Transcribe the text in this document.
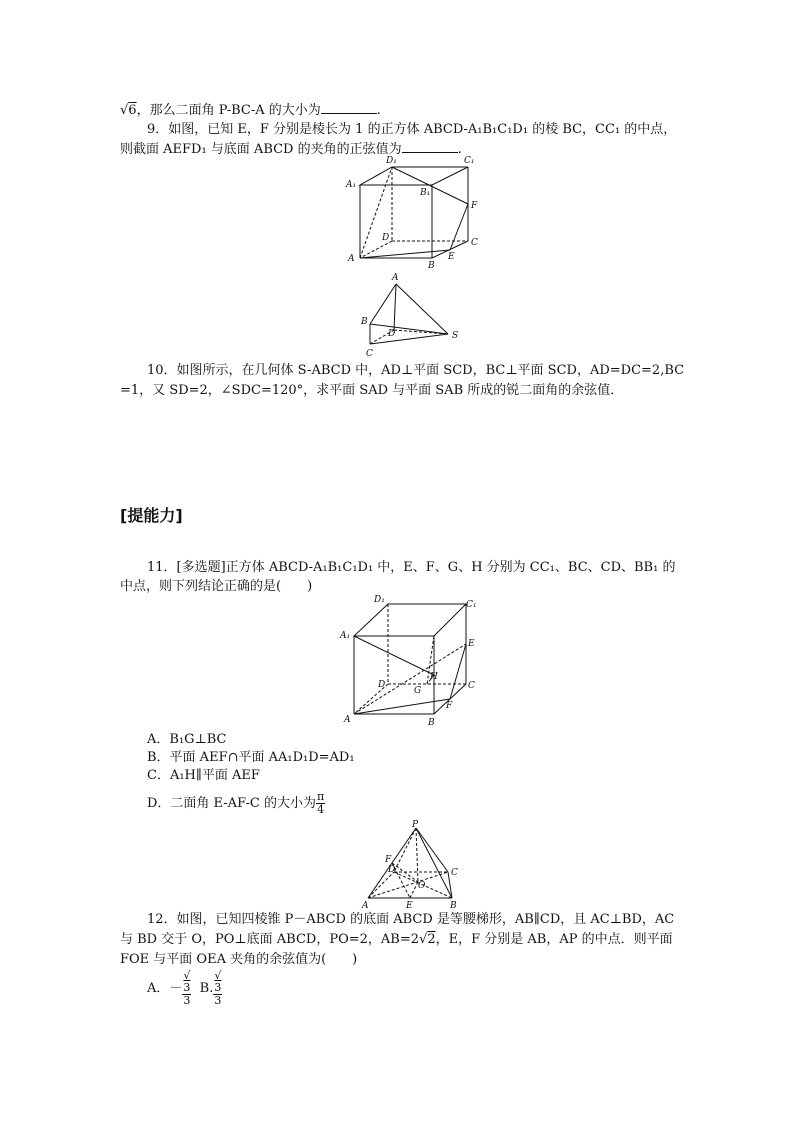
√6，那么二面角 P-BC-A 的大小为	.
9．如图，已知 E，F 分别是棱长为 1 的正方体 ABCD-A₁B₁C₁D₁ 的棱 BC，CC₁ 的中点，
则截面 AEFD₁ 与底面 ABCD 的夹角的正弦值为	.
D₁	C₁
A₁
B₁
F
D	C
A
B
E
A
B
D	S
C
10．如图所示，在几何体 S-ABCD 中，AD⊥平面 SCD，BC⊥平面 SCD，AD=DC=2,BC
=1，又 SD=2，∠SDC=120°，求平面 SAD 与平面 SAB 所成的锐二面角的余弦值．
[提能力]
11．[多选题]正方体 ABCD-A₁B₁C₁D₁ 中，E、F、G、H 分别为 CC₁、BC、CD、BB₁ 的
中点，则下列结论正确的是(　　)
D₁	C₁
A₁
E
H
D
G	C
F
A	B
A．B₁G⊥BC
B．平面 AEF∩平面 AA₁D₁D=AD₁
C．A₁H∥平面 AEF
D．二面角 E-AF-C 的大小为 $\frac{\pi}{4}$
P
F
D	C
O
A	E	B
12．如图，已知四棱锥 P－ABCD 的底面 ABCD 是等腰梯形，AB∥CD，且 AC⊥BD，AC
与 BD 交于 O，PO⊥底面 ABCD，PO=2，AB=2√2，E，F 分别是 AB，AP 的中点．则平面
FOE 与平面 OEA 夹角的余弦值为(　　)
A．－ √
3
3 B. √
3
3
